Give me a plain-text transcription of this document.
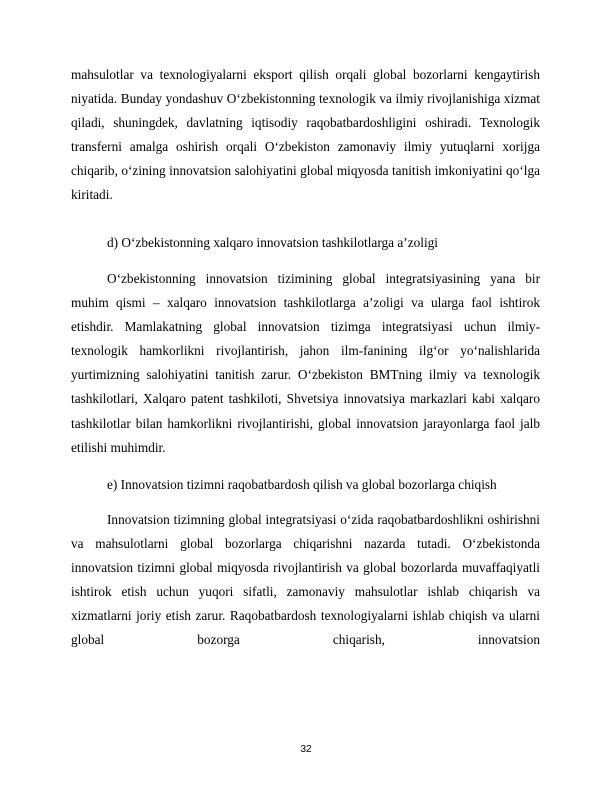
mahsulotlar va texnologiyalarni eksport qilish orqali global bozorlarni kengaytirish niyatida. Bunday yondashuv O‘zbekistonning texnologik va ilmiy rivojlanishiga xizmat qiladi, shuningdek, davlatning iqtisodiy raqobatbardoshligini oshiradi. Texnologik transferni amalga oshirish orqali O‘zbekiston zamonaviy ilmiy yutuqlarni xorijga chiqarib, o‘zining innovatsion salohiyatini global miqyosda tanitish imkoniyatini qo‘lga kiritadi.

d) O‘zbekistonning xalqaro innovatsion tashkilotlarga a’zoligi

O‘zbekistonning innovatsion tizimining global integratsiyasining yana bir muhim qismi – xalqaro innovatsion tashkilotlarga a’zoligi va ularga faol ishtirok etishdir. Mamlakatning global innovatsion tizimga integratsiyasi uchun ilmiy-texnologik hamkorlikni rivojlantirish, jahon ilm-fanining ilg‘or yo‘nalishlarida yurtimizning salohiyatini tanitish zarur. O‘zbekiston BMTning ilmiy va texnologik tashkilotlari, Xalqaro patent tashkiloti, Shvetsiya innovatsiya markazlari kabi xalqaro tashkilotlar bilan hamkorlikni rivojlantirishi, global innovatsion jarayonlarga faol jalb etilishi muhimdir.

e) Innovatsion tizimni raqobatbardosh qilish va global bozorlarga chiqish

Innovatsion tizimning global integratsiyasi o‘zida raqobatbardoshlikni oshirishni va mahsulotlarni global bozorlarga chiqarishni nazarda tutadi. O‘zbekistonda innovatsion tizimni global miqyosda rivojlantirish va global bozorlarda muvaffaqiyatli ishtirok etish uchun yuqori sifatli, zamonaviy mahsulotlar ishlab chiqarish va xizmatlarni joriy etish zarur. Raqobatbardosh texnologiyalarni ishlab chiqish va ularni global bozorga chiqarish, innovatsion

32
